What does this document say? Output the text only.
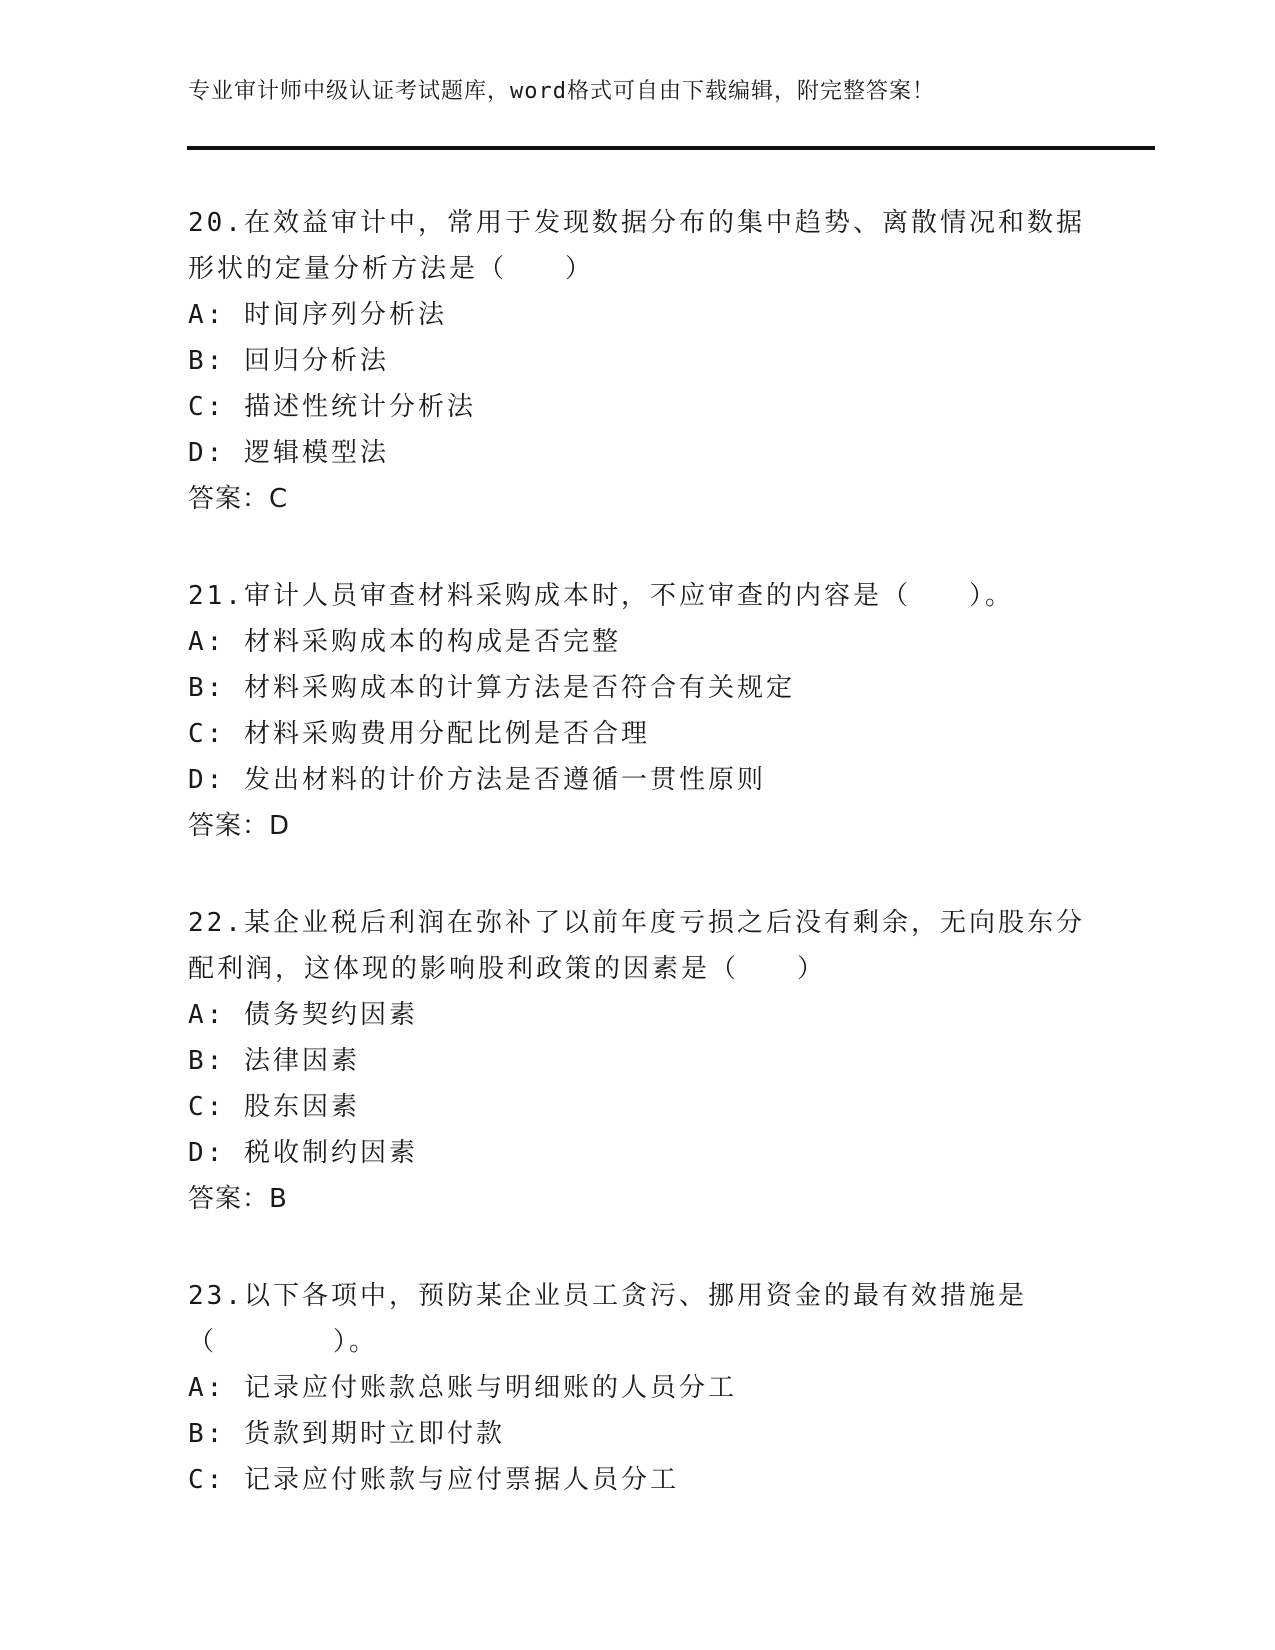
专业审计师中级认证考试题库，word格式可自由下载编辑，附完整答案！

20.在效益审计中，常用于发现数据分布的集中趋势、离散情况和数据形状的定量分析方法是（　　）

A: 时间序列分析法

B: 回归分析法

C: 描述性统计分析法

D: 逻辑模型法

答案：C

21.审计人员审查材料采购成本时，不应审查的内容是（　　）。

A: 材料采购成本的构成是否完整

B: 材料采购成本的计算方法是否符合有关规定

C: 材料采购费用分配比例是否合理

D: 发出材料的计价方法是否遵循一贯性原则

答案：D

22.某企业税后利润在弥补了以前年度亏损之后没有剩余，无向股东分配利润，这体现的影响股利政策的因素是（　　）

A: 债务契约因素

B: 法律因素

C: 股东因素

D: 税收制约因素

答案：B

23.以下各项中，预防某企业员工贪污、挪用资金的最有效措施是（　　　　）。

A: 记录应付账款总账与明细账的人员分工

B: 货款到期时立即付款

C: 记录应付账款与应付票据人员分工
